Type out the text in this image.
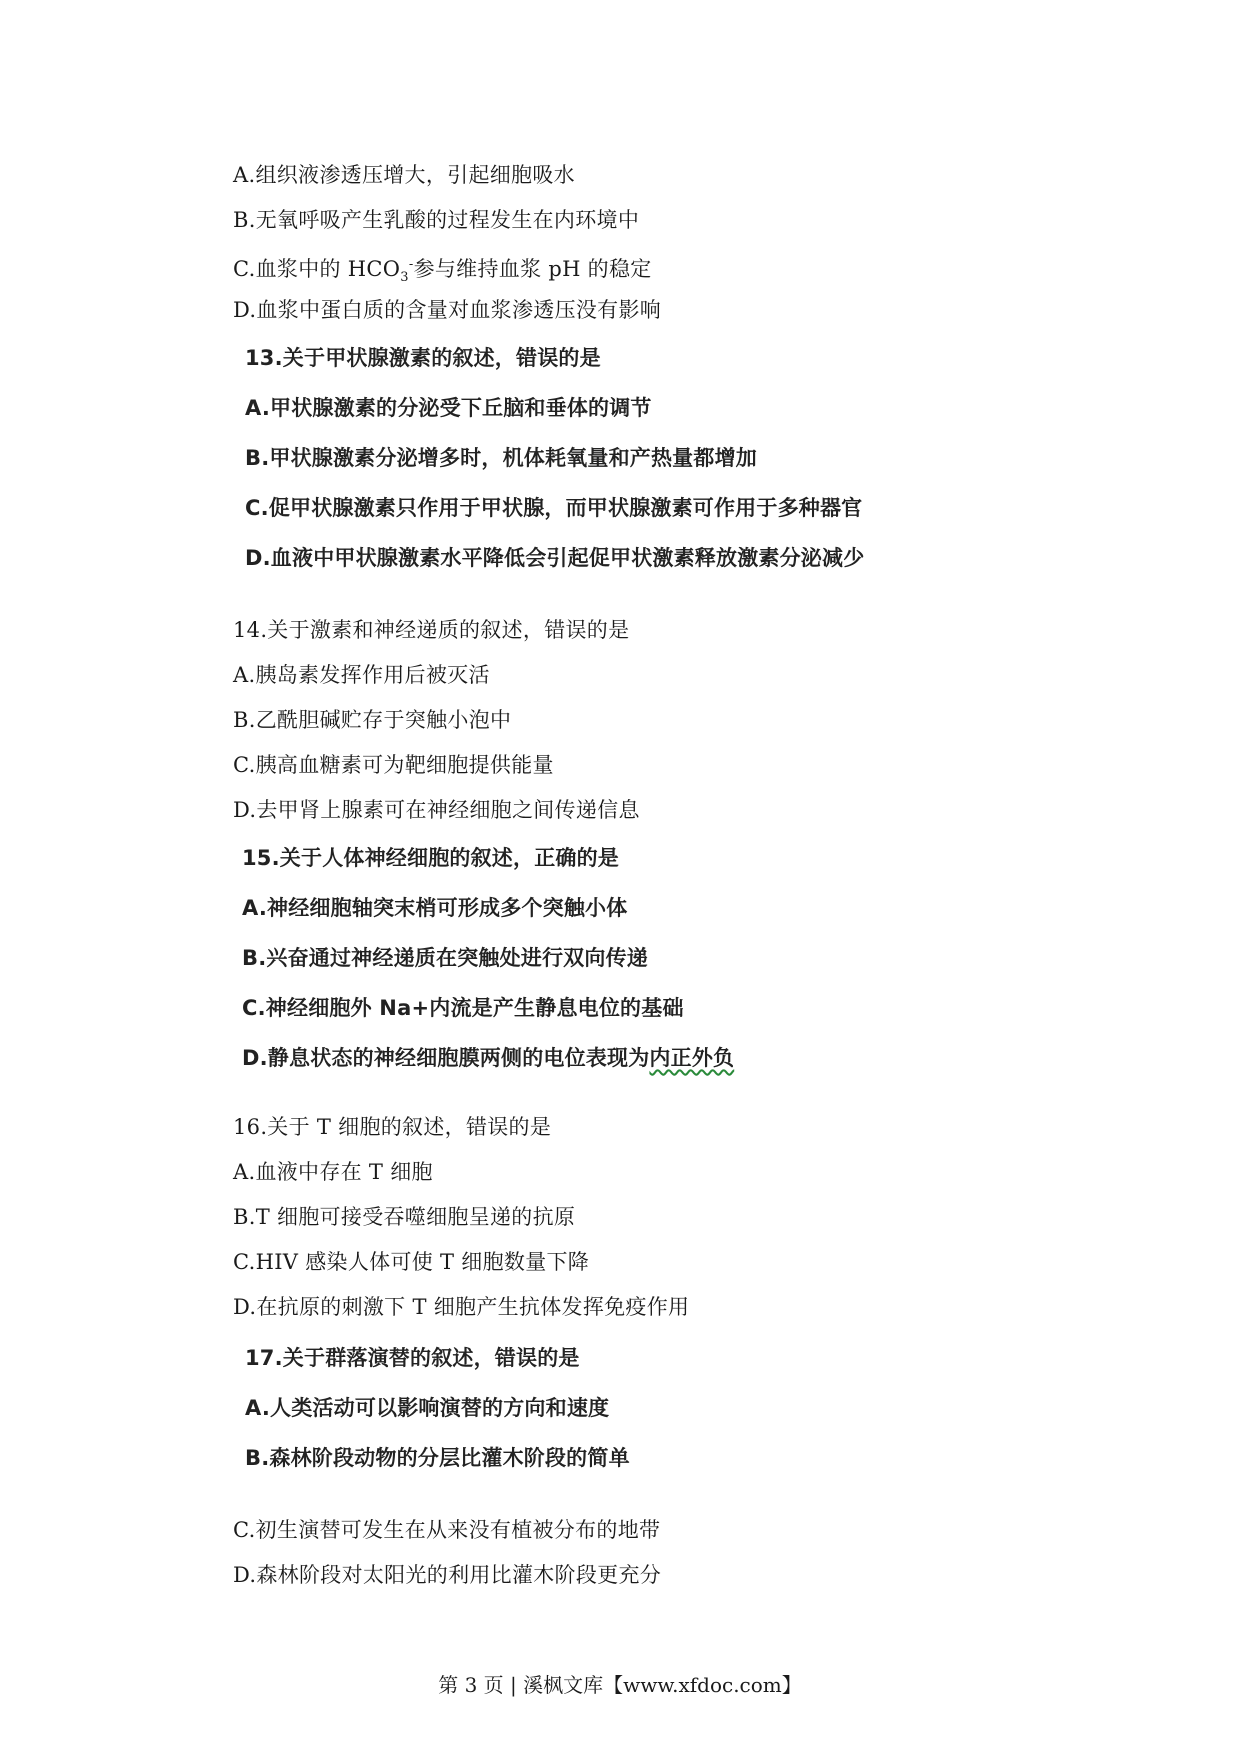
A.组织液渗透压增大，引起细胞吸水
B.无氧呼吸产生乳酸的过程发生在内环境中
C.血浆中的 $HCO_3^-$参与维持血浆 pH 的稳定
D.血浆中蛋白质的含量对血浆渗透压没有影响
13.关于甲状腺激素的叙述，错误的是
A.甲状腺激素的分泌受下丘脑和垂体的调节
B.甲状腺激素分泌增多时，机体耗氧量和产热量都增加
C.促甲状腺激素只作用于甲状腺，而甲状腺激素可作用于多种器官
D.血液中甲状腺激素水平降低会引起促甲状激素释放激素分泌减少
14.关于激素和神经递质的叙述，错误的是
A.胰岛素发挥作用后被灭活
B.乙酰胆碱贮存于突触小泡中
C.胰高血糖素可为靶细胞提供能量
D.去甲肾上腺素可在神经细胞之间传递信息
15.关于人体神经细胞的叙述，正确的是
A.神经细胞轴突末梢可形成多个突触小体
B.兴奋通过神经递质在突触处进行双向传递
C.神经细胞外 Na+内流是产生静息电位的基础
D.静息状态的神经细胞膜两侧的电位表现为内正外负
16.关于 T 细胞的叙述，错误的是
A.血液中存在 T 细胞
B.T 细胞可接受吞噬细胞呈递的抗原
C.HIV 感染人体可使 T 细胞数量下降
D.在抗原的刺激下 T 细胞产生抗体发挥免疫作用
17.关于群落演替的叙述，错误的是
A.人类活动可以影响演替的方向和速度
B.森林阶段动物的分层比灌木阶段的简单
C.初生演替可发生在从来没有植被分布的地带
D.森林阶段对太阳光的利用比灌木阶段更充分
第 3 页 | 溪枫文库【www.xfdoc.com】
